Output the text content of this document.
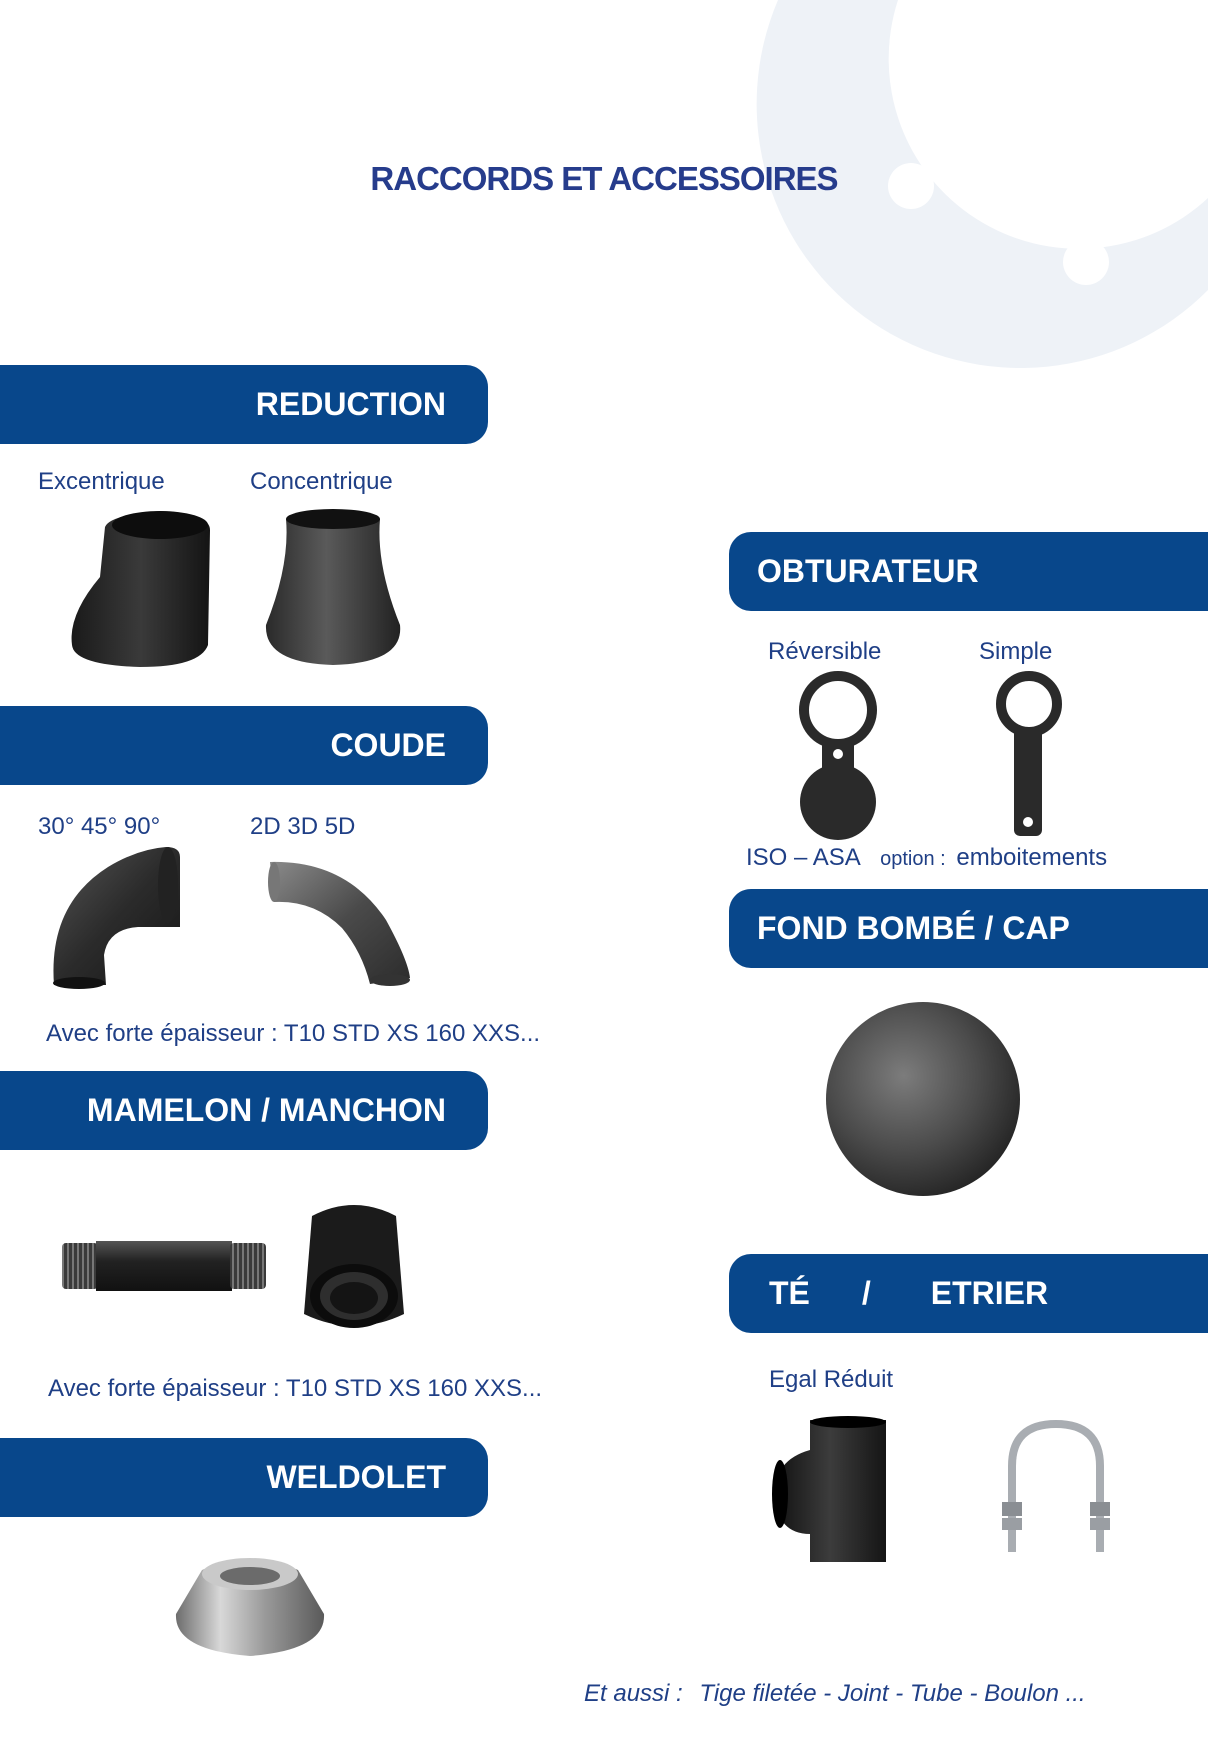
RACCORDS ET ACCESSOIRES
REDUCTION
Excentrique	Concentrique
COUDE
30° 45° 90°	2D 3D 5D
Avec forte épaisseur : T10 STD XS 160 XXS...
MAMELON / MANCHON
Avec forte épaisseur : T10 STD XS 160 XXS...
WELDOLET
OBTURATEUR
Réversible	Simple
ISO – ASA option : emboitements
FOND BOMBÉ / CAP
TÉ / ETRIER
Egal Réduit
Et aussi : Tige filetée - Joint - Tube - Boulon ...
